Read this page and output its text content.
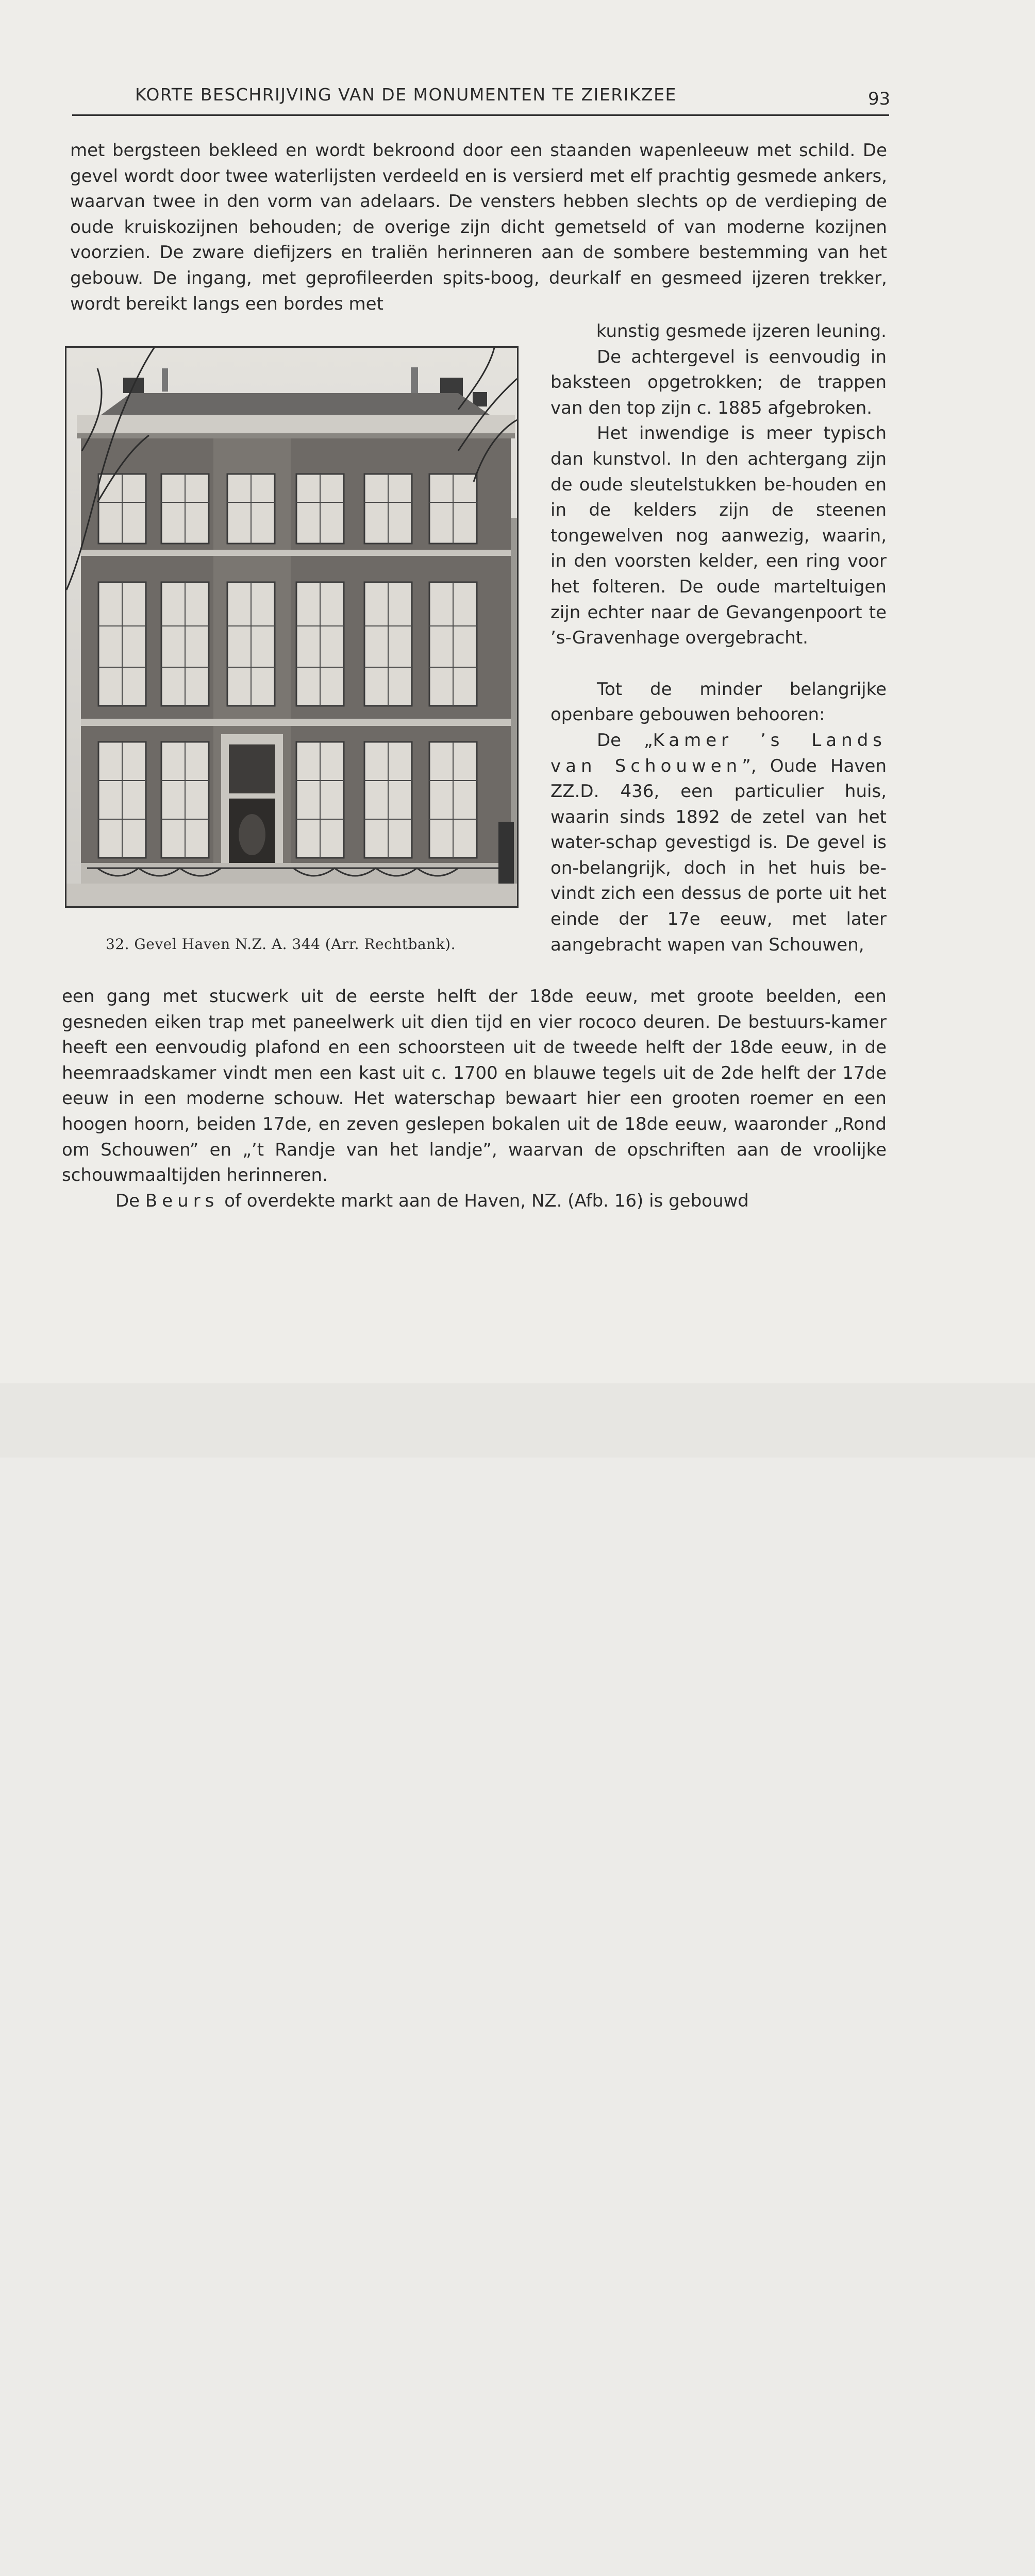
KORTE BESCHRIJVING VAN DE MONUMENTEN TE ZIERIKZEE	93

met bergsteen bekleed en wordt bekroond door een staanden wapenleeuw met schild. De gevel wordt door twee waterlijsten verdeeld en is versierd met elf prachtig gesmede ankers, waarvan twee in den vorm van adelaars. De vensters hebben slechts op de verdieping de oude kruiskozijnen behouden; de overige zijn dicht gemetseld of van moderne kozijnen voorzien. De zware diefijzers en traliën herinneren aan de sombere bestemming van het gebouw. De ingang, met geprofileerden spits-boog, deurkalf en gesmeed ijzeren trekker, wordt bereikt langs een bordes met

kunstig gesmede ijzeren leuning.

De achtergevel is eenvoudig in baksteen opgetrokken; de trappen van den top zijn c. 1885 afgebroken.

Het inwendige is meer typisch dan kunstvol. In den achtergang zijn de oude sleutelstukken be-houden en in de kelders zijn de steenen tongewelven nog aanwezig, waarin, in den voorsten kelder, een ring voor het folteren. De oude marteltuigen zijn echter naar de Gevangenpoort te ’s-Gravenhage overgebracht.

Tot de minder belangrijke openbare gebouwen behooren:

De „Kamer ’s Lands van Schouwen”, Oude Haven ZZ.D. 436, een particulier huis, waarin sinds 1892 de zetel van het water-schap gevestigd is. De gevel is on-belangrijk, doch in het huis be-vindt zich een dessus de porte uit het einde der 17e eeuw, met later aangebracht wapen van Schouwen,

een gang met stucwerk uit de eerste helft der 18de eeuw, met groote beelden, een gesneden eiken trap met paneelwerk uit dien tijd en vier rococo deuren. De bestuurs-kamer heeft een eenvoudig plafond en een schoorsteen uit de tweede helft der 18de eeuw, in de heemraadskamer vindt men een kast uit c. 1700 en blauwe tegels uit de 2de helft der 17de eeuw in een moderne schouw. Het waterschap bewaart hier een grooten roemer en een hoogen hoorn, beiden 17de, en zeven geslepen bokalen uit de 18de eeuw, waaronder „Rond om Schouwen” en „’t Randje van het landje”, waarvan de opschriften aan de vroolijke schouwmaaltijden herinneren.

De Beurs of overdekte markt aan de Haven, NZ. (Afb. 16) is gebouwd

32. Gevel Haven N.Z. A. 344 (Arr. Rechtbank).
